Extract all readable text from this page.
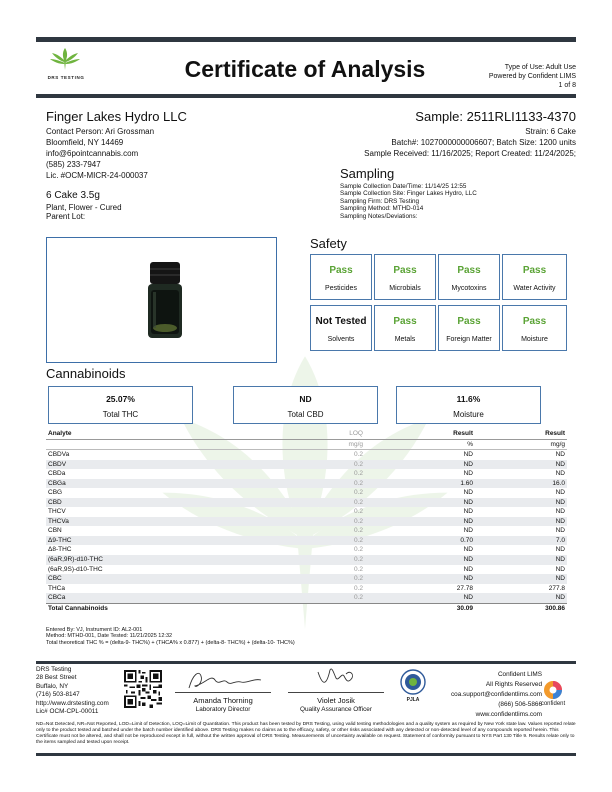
DRS TESTING	Certificate of Analysis	Type of Use: Adult Use
Powered by Confident LIMS
1 of 8
Finger Lakes Hydro LLC
Contact Person: Ari Grossman
Bloomfield, NY 14469
info@6pointcannabis.com
(585) 233-7947
Lic. #OCM-MICR-24-000037
6 Cake 3.5g
Plant, Flower - Cured
Parent Lot:
Sample: 2511RLI1133-4370
Strain: 6 Cake
Batch#: 1027000000006607; Batch Size: 1200 units
Sample Received: 11/16/2025; Report Created: 11/24/2025;
Sampling
Sample Collection Date/Time: 11/14/25 12:55
Sample Collection Site: Finger Lakes Hydro, LLC
Sampling Firm: DRS Testing
Sampling Method: MTHD-014
Sampling Notes/Deviations:
Safety
Pass
Pesticides
Pass
Microbials
Pass
Mycotoxins
Pass
Water Activity
Not Tested
Solvents
Pass
Metals
Pass
Foreign Matter
Pass
Moisture
Cannabinoids
25.07%
Total THC
ND
Total CBD
11.6%
Moisture
Analyte	LOQ	Result	Result
	mg/g	%	mg/g
CBDVa	0.2	ND	ND
CBDV	0.2	ND	ND
CBDa	0.2	ND	ND
CBGa	0.2	1.60	16.0
CBG	0.2	ND	ND
CBD	0.2	ND	ND
THCV	0.2	ND	ND
THCVa	0.2	ND	ND
CBN	0.2	ND	ND
Δ9-THC	0.2	0.70	7.0
Δ8-THC	0.2	ND	ND
(6aR,9R)-d10-THC	0.2	ND	ND
(6aR,9S)-d10-THC	0.2	ND	ND
CBC	0.2	ND	ND
THCa	0.2	27.78	277.8
CBCa	0.2	ND	ND
Total Cannabinoids		30.09	300.86
Entered By: VJ, Instrument ID: AL2-001
Method: MTHD-001, Date Tested: 11/21/2025 12:32
Total theoretical THC % = (delta-9- THC%) + (THCA% x 0.877) + (delta-8- THC%) + (delta-10- THC%)
DRS Testing
28 Best Street
Buffalo, NY
(716) 503-8147
http://www.drstesting.com
Lic# OCM-CPL-00011
Amanda Thorning
Laboratory Director
Violet Josik
Quality Assurance Officer
PJLA
Confident LIMS
All Rights Reserved
coa.support@confidentlims.com
(866) 506-5866
www.confidentlims.com
confident
ND=Not Detected, NR=Not Reported, LOD=Limit of Detection, LOQ=Limit of Quantitation. This product has been tested by DRS Testing, using valid testing methodologies and a quality system as required by New York state law. Values reported relate only to the product tested and batched under the batch number identified above. DRS Testing makes no claims as to the efficacy, safety, or other risks associated with any detected or non-detected level of any compounds reported herein. This Certificate must not be altered, and shall not be reproduced except in full, without the written approval of DRS Testing. Measurements of uncertainty available on request. Statement of conformity pursuant to NYS Part 130 Title 9. Results relate only to the items sampled and tested upon receipt.
